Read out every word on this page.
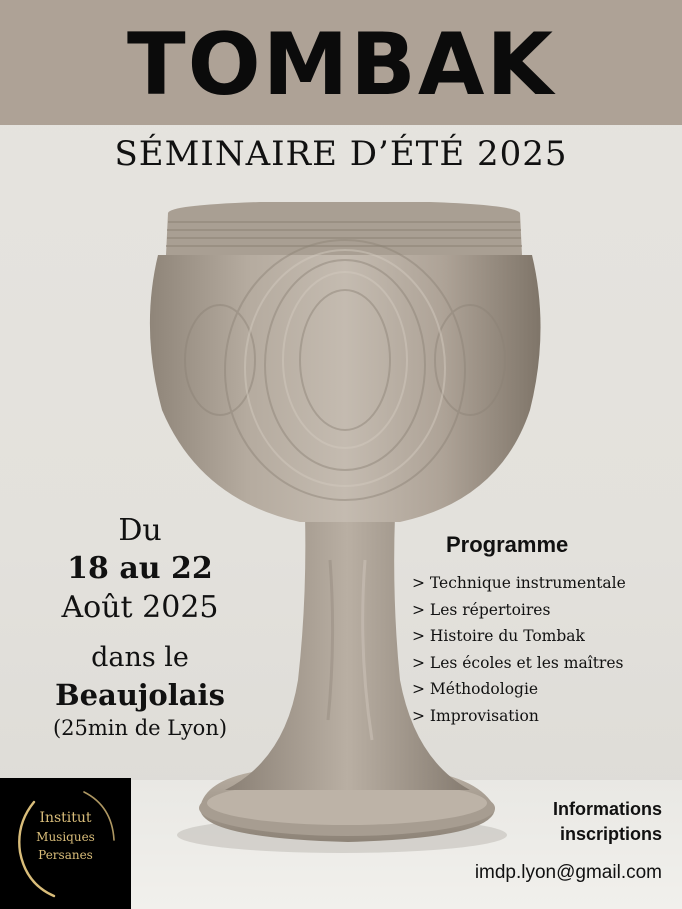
TOMBAK
SÉMINAIRE D’ÉTÉ 2025
Du
18 au 22
Août 2025
dans le
Beaujolais
(25min de Lyon)
Programme
> Technique instrumentale
> Les répertoires
> Histoire du Tombak
> Les écoles et les maîtres
> Méthodologie
> Improvisation
Institut
Musiques
Persanes
Informations
inscriptions
imdp.lyon@gmail.com
